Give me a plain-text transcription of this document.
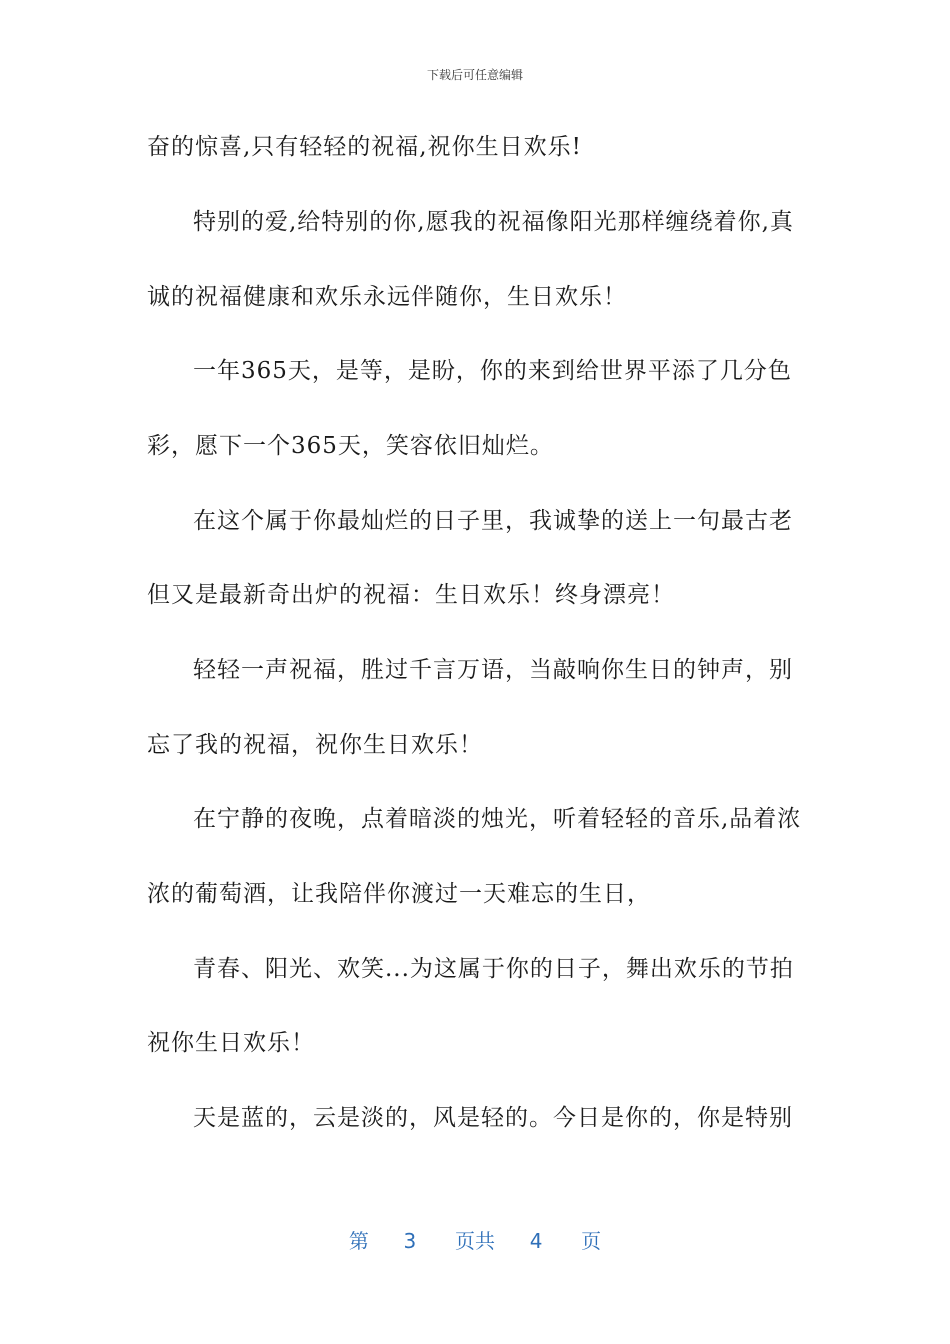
下载后可任意编辑
奋的惊喜,只有轻轻的祝福,祝你生日欢乐!
特别的爱,给特别的你,愿我的祝福像阳光那样缠绕着你,真
诚的祝福健康和欢乐永远伴随你，生日欢乐！
一年365天，是等，是盼，你的来到给世界平添了几分色
彩，愿下一个365天，笑容依旧灿烂。
在这个属于你最灿烂的日子里，我诚挚的送上一句最古老
但又是最新奇出炉的祝福：生日欢乐！终身漂亮！
轻轻一声祝福，胜过千言万语，当敲响你生日的钟声，别
忘了我的祝福，祝你生日欢乐！
在宁静的夜晚，点着暗淡的烛光，听着轻轻的音乐,品着浓
浓的葡萄酒，让我陪伴你渡过一天难忘的生日，
青春、阳光、欢笑...为这属于你的日子，舞出欢乐的节拍
祝你生日欢乐！
天是蓝的，云是淡的，风是轻的。今日是你的，你是特别
第 3 页共 4 页
